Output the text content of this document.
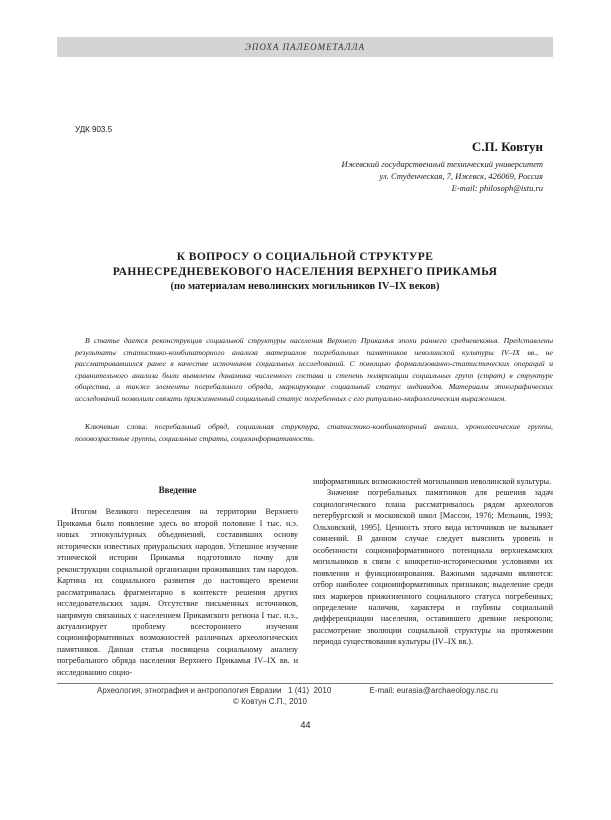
ЭПОХА ПАЛЕОМЕТАЛЛА
УДК 903.5
С.П. Ковтун
Ижевский государственный технический университет
ул. Студенческая, 7, Ижевск, 426069, Россия
E-mail: philosoph@istu.ru
К ВОПРОСУ О СОЦИАЛЬНОЙ СТРУКТУРЕ
РАННЕСРЕДНЕВЕКОВОГО НАСЕЛЕНИЯ ВЕРХНЕГО ПРИКАМЬЯ
(по материалам неволинских могильников IV–IX веков)
В статье дается реконструкция социальной структуры населения Верхнего Прикамья эпохи раннего средневековья. Представлены результаты статистико-комбинаторного анализа материалов погребальных памятников неволинской культуры IV–IX вв., не рассматривавшихся ранее в качестве источников социальных исследований. С помощью формализованно-статистических операций и сравнительного анализа были выявлены динамика численного состава и степень поляризации социальных групп (страт) в структуре общества, а также элементы погребального обряда, маркирующие социальный статус индивидов. Материалы этнографических исследований позволили связать прижизненный социальный статус погребенных с его ритуально-мифологическим выражением.
Ключевые слова: погребальный обряд, социальная структура, статистико-комбинаторный анализ, хронологические группы, половозрастные группы, социальные страты, социоинформативность.
Введение

Итогом Великого переселения на территории Верхнего Прикамья было появление здесь во второй половине I тыс. н.э. новых этнокультурных объединений, составивших основу исторически известных приуральских народов. Успешное изучение этнической истории Прикамья подготовило почву для реконструкции социальной организации проживавших там народов. Картина их социального развития до настоящего времени рассматривалась фрагментарно в контексте решения других исследовательских задач. Отсутствие письменных источников, напрямую связанных с населением Прикамского региона I тыс. н.э., актуализирует проблему всестороннего изучения социоинформативных возможностей различных археологических памятников. Данная статья посвящена социальному анализу погребального обряда населения Верхнего Прикамья IV–IX вв. и исследованию социо-

информативных возможностей могильников неволинской культуры.

Значение погребальных памятников для решения задач социологического плана рассматривалось рядом археологов петербургской и московской школ [Массон, 1976; Мельник, 1993; Ольховский, 1995]. Ценность этого вида источников не вызывает сомнений. В данном случае следует выяснить уровень и особенности социоинформативного потенциала верхнекамских могильников в связи с конкретно-историческими условиями их появления и функционирования. Важными задачами являются: отбор наиболее социоинформативных признаков; выделение среди них маркеров прижизненного социального статуса погребенных; определение наличия, характера и глубины социальной дифференциации населения, оставившего древние некрополи; рассмотрение эволюции социальной структуры на протяжении периода существования культуры (IV–IX вв.).

Археология, этнография и антропология Евразии 1 (41) 2010	E-mail: eurasia@archaeology.nsc.ru
© Ковтун С.П., 2010
44
